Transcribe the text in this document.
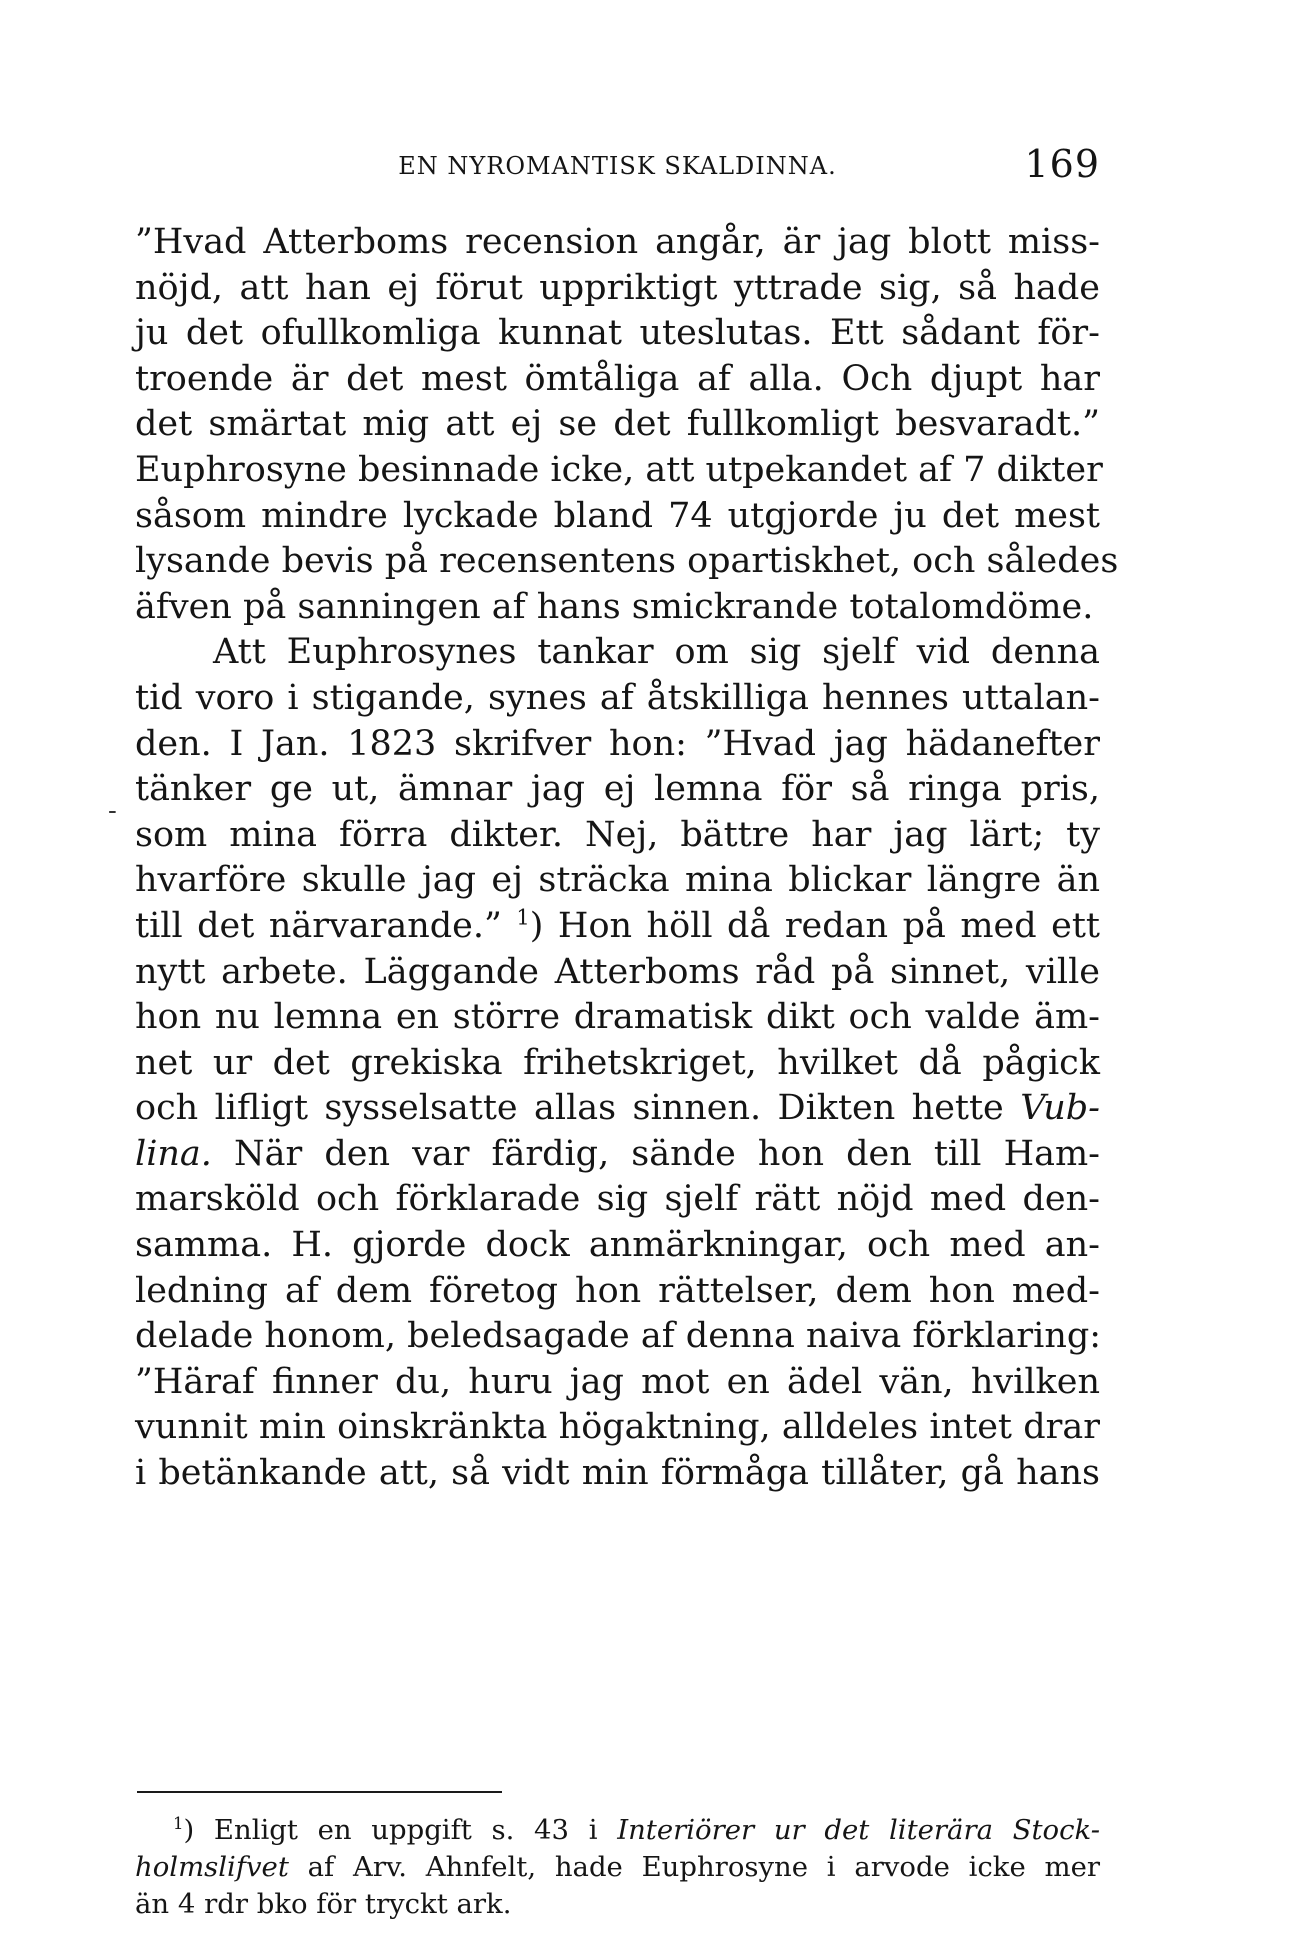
EN NYROMANTISK SKALDINNA.	169
-
”Hvad Atterboms recension angår, är jag blott miss-
nöjd, att han ej förut uppriktigt yttrade sig, så hade
ju det ofullkomliga kunnat uteslutas. Ett sådant för-
troende är det mest ömtåliga af alla. Och djupt har
det smärtat mig att ej se det fullkomligt besvaradt.”
Euphrosyne besinnade icke, att utpekandet af 7 dikter
såsom mindre lyckade bland 74 utgjorde ju det mest
lysande bevis på recensentens opartiskhet, och således
äfven på sanningen af hans smickrande totalomdöme.
Att Euphrosynes tankar om sig sjelf vid denna
tid voro i stigande, synes af åtskilliga hennes uttalan-
den. I Jan. 1823 skrifver hon: ”Hvad jag hädanefter
tänker ge ut, ämnar jag ej lemna för så ringa pris,
som mina förra dikter. Nej, bättre har jag lärt; ty
hvarföre skulle jag ej sträcka mina blickar längre än
till det närvarande.” $^1$) Hon höll då redan på med ett
nytt arbete. Läggande Atterboms råd på sinnet, ville
hon nu lemna en större dramatisk dikt och valde äm-
net ur det grekiska frihetskriget, hvilket då pågick
och lifligt sysselsatte allas sinnen. Dikten hette Vub-
lina. När den var färdig, sände hon den till Ham-
marsköld och förklarade sig sjelf rätt nöjd med den-
samma. H. gjorde dock anmärkningar, och med an-
ledning af dem företog hon rättelser, dem hon med-
delade honom, beledsagade af denna naiva förklaring:
”Häraf finner du, huru jag mot en ädel vän, hvilken
vunnit min oinskränkta högaktning, alldeles intet drar
i betänkande att, så vidt min förmåga tillåter, gå hans
$^1$) Enligt en uppgift s. 43 i Interiörer ur det literära Stock-
holmslifvet af Arv. Ahnfelt, hade Euphrosyne i arvode icke mer
än 4 rdr bko för tryckt ark.
